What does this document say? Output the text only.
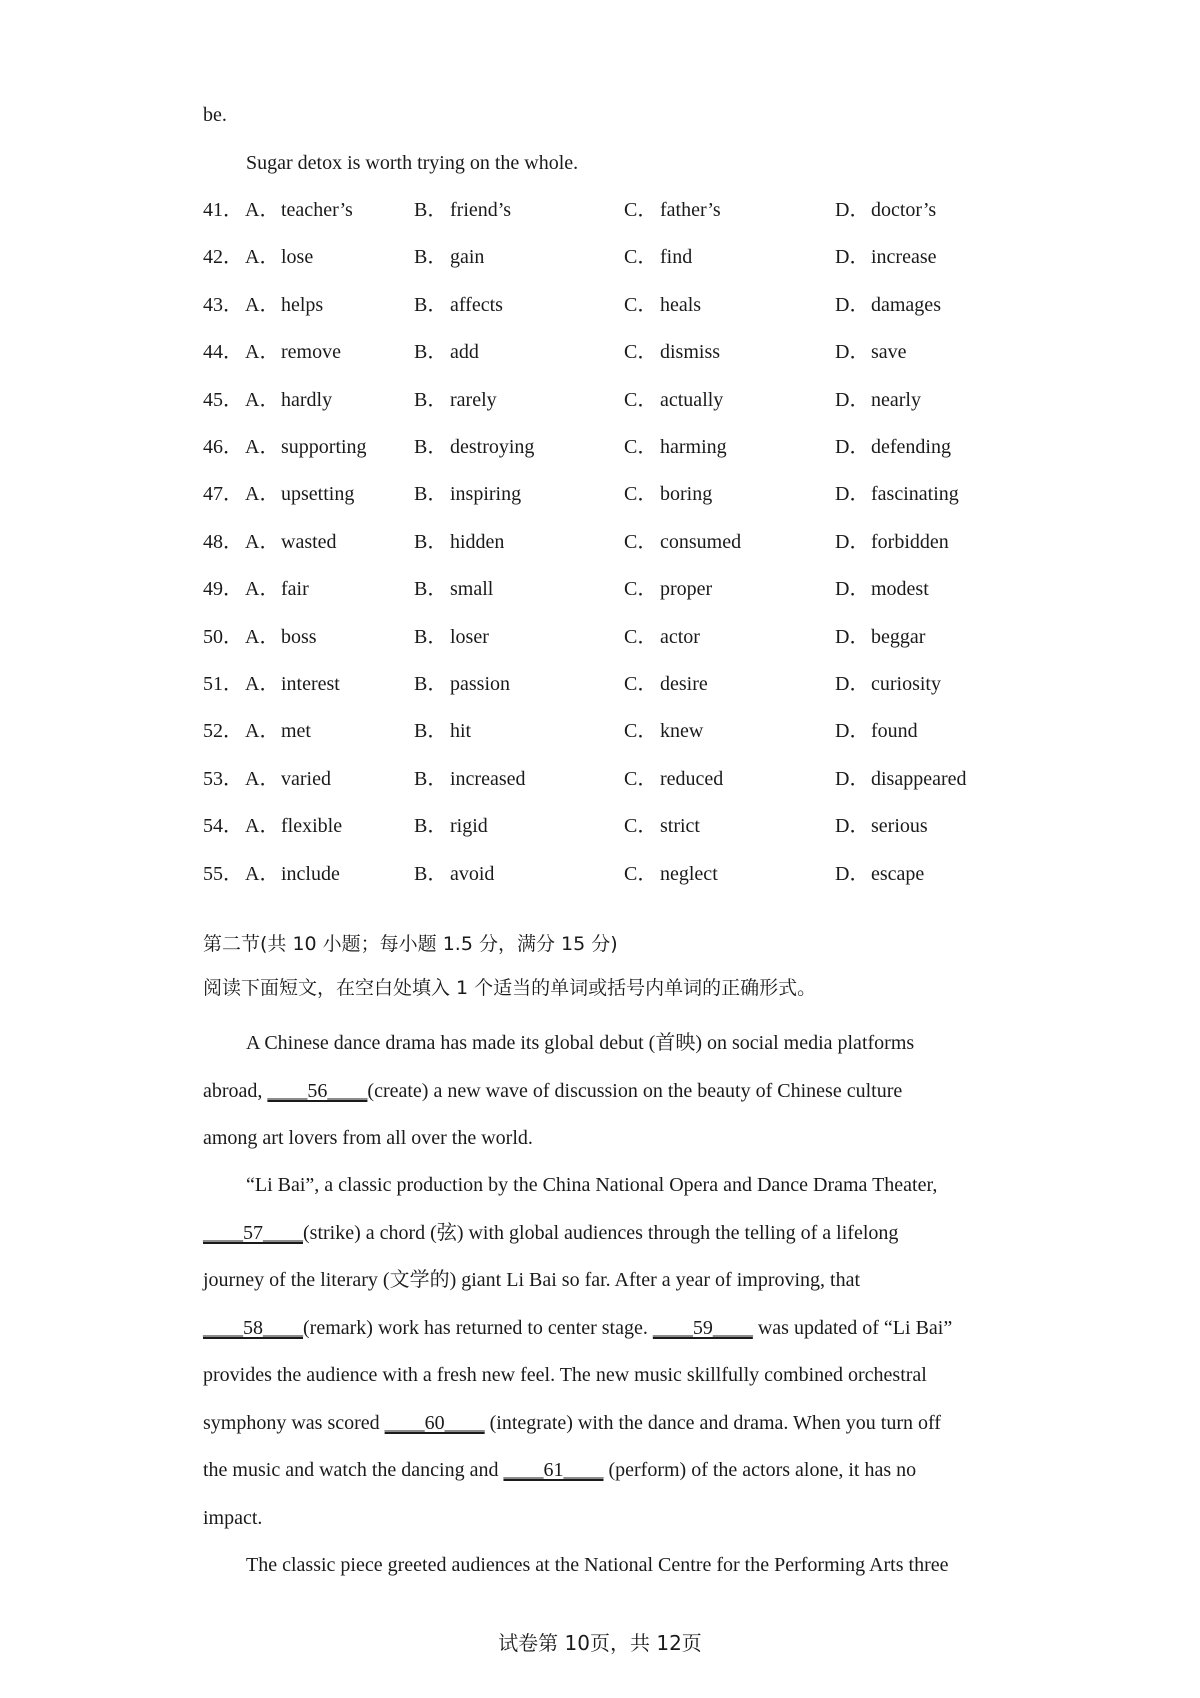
be.
Sugar detox is worth trying on the whole.
41． A． teacher’s	B． friend’s	C． father’s	D． doctor’s
42． A． lose	B． gain	C． find	D． increase
43． A． helps	B． affects	C． heals	D． damages
44． A． remove	B． add	C． dismiss	D． save
45． A． hardly	B． rarely	C． actually	D． nearly
46． A． supporting B． destroying	C． harming	D． defending
47． A． upsetting	B． inspiring	C． boring	D． fascinating
48． A． wasted	B． hidden	C． consumed	D． forbidden
49． A． fair	B． small	C． proper	D． modest
50． A． boss	B． loser	C． actor	D． beggar
51． A． interest	B． passion	C． desire	D． curiosity
52． A． met	B． hit	C． knew	D． found
53． A． varied	B． increased	C． reduced	D． disappeared
54． A． flexible	B． rigid	C． strict	D． serious
55． A． include	B． avoid	C． neglect	D． escape
第二节(共 10 小题；每小题 1.5 分，满分 15 分)
阅读下面短文，在空白处填入 1 个适当的单词或括号内单词的正确形式。
A Chinese dance drama has made its global debut (首映) on social media platforms
abroad, ____56____(create) a new wave of discussion on the beauty of Chinese culture
among art lovers from all over the world.
“Li Bai”, a classic production by the China National Opera and Dance Drama Theater,
____57____(strike) a chord (弦) with global audiences through the telling of a lifelong
journey of the literary (文学的) giant Li Bai so far. After a year of improving, that
____58____(remark) work has returned to center stage. ____59____ was updated of “Li Bai”
provides the audience with a fresh new feel. The new music skillfully combined orchestral
symphony was scored ____60____ (integrate) with the dance and drama. When you turn off
the music and watch the dancing and ____61____ (perform) of the actors alone, it has no
impact.
The classic piece greeted audiences at the National Centre for the Performing Arts three
试卷第 10页，共 12页
